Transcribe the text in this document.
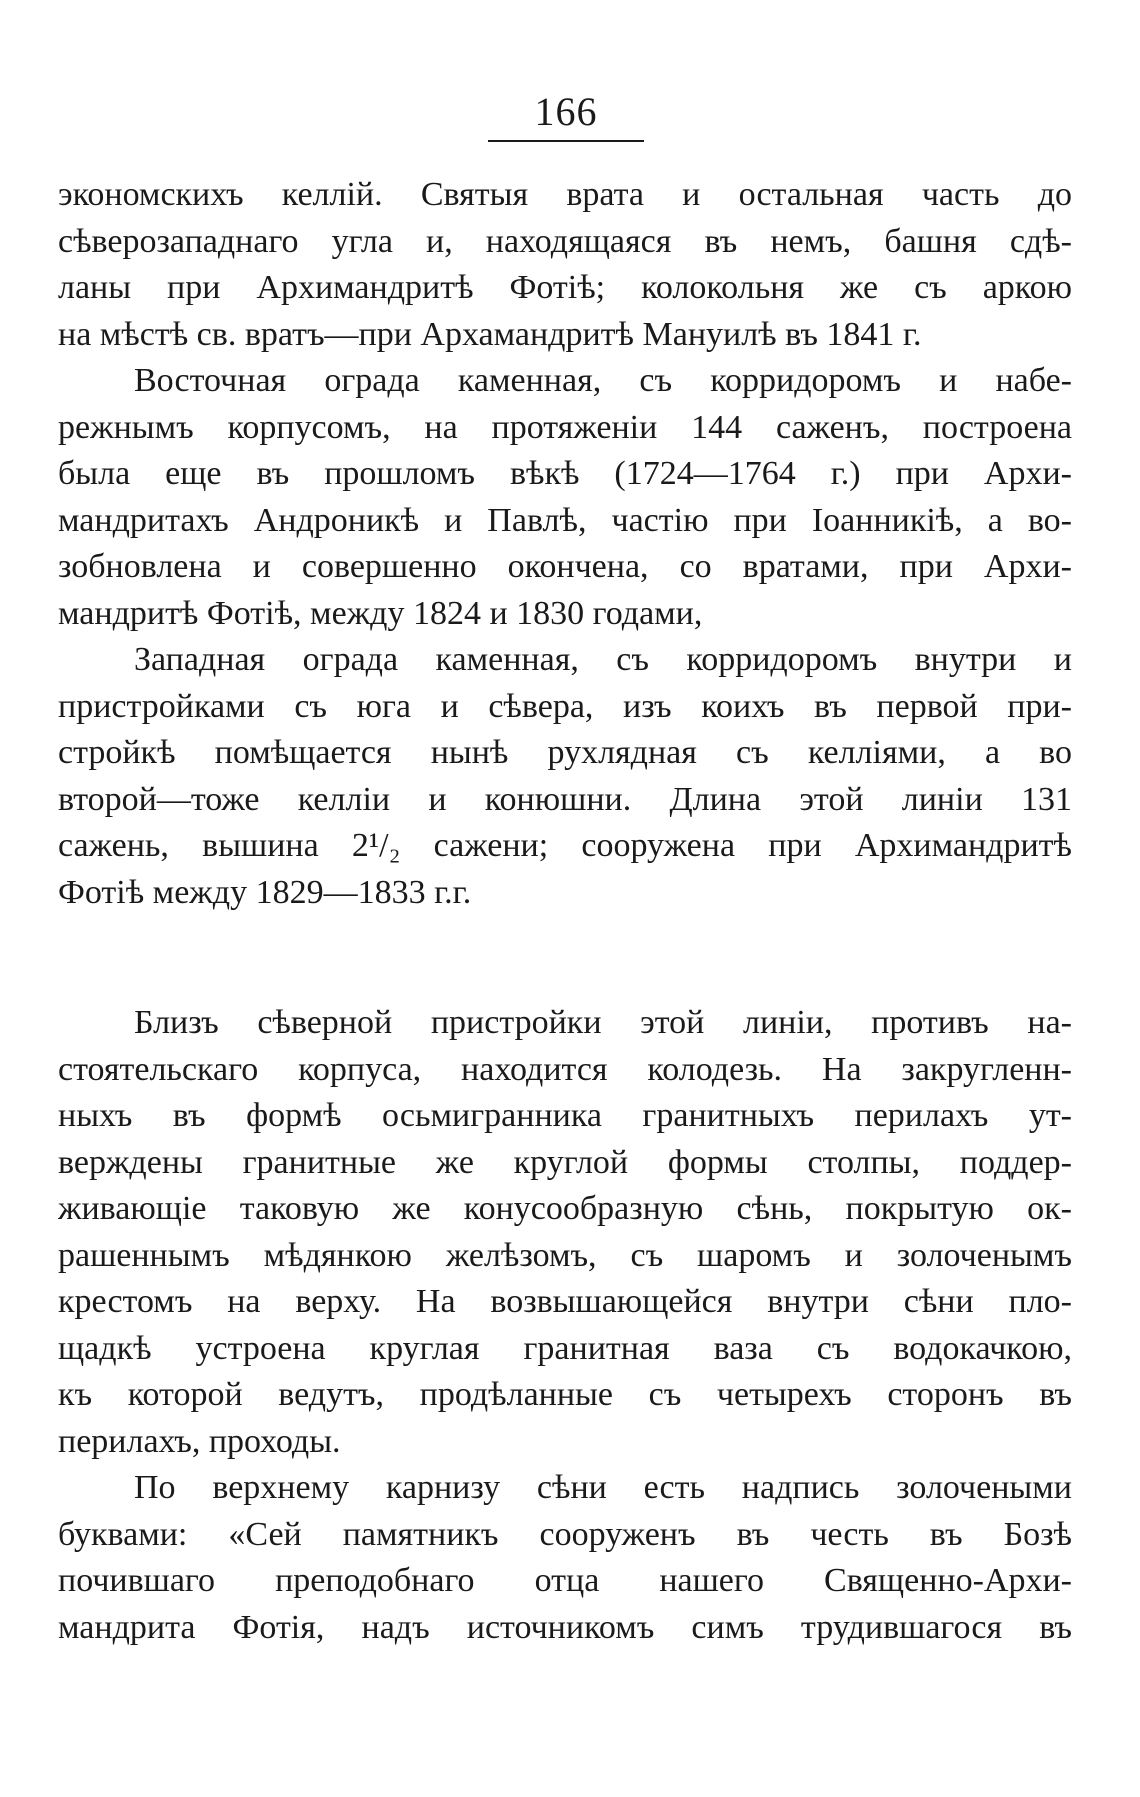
166
экономскихъ келлій. Святыя врата и остальная часть до
сѣверозападнаго угла и, находящаяся въ немъ, башня сдѣ-
ланы при Архимандритѣ Фотіѣ; колокольня же съ аркою
на мѣстѣ св. вратъ—при Архамандритѣ Мануилѣ въ 1841 г.
Восточная ограда каменная, съ корридоромъ и набе-
режнымъ корпусомъ, на протяженіи 144 саженъ, построена
была еще въ прошломъ вѣкѣ (1724—1764 г.) при Архи-
мандритахъ Андроникѣ и Павлѣ, частію при Іоанникіѣ, а во-
зобновлена и совершенно окончена, со вратами, при Архи-
мандритѣ Фотіѣ, между 1824 и 1830 годами,
Западная ограда каменная, съ корридоромъ внутри и
пристройками съ юга и сѣвера, изъ коихъ въ первой при-
стройкѣ помѣщается нынѣ рухлядная съ келліями, а во
второй—тоже келліи и конюшни. Длина этой линіи 131
сажень, вышина 2¹/₂ сажени; сооружена при Архимандритѣ
Фотіѣ между 1829—1833 г.г.
Близъ сѣверной пристройки этой линіи, противъ на-
стоятельскаго корпуса, находится колодезь. На закругленн-
ныхъ въ формѣ осьмигранника гранитныхъ перилахъ ут-
верждены гранитные же круглой формы столпы, поддер-
живающіе таковую же конусообразную сѣнь, покрытую ок-
рашеннымъ мѣдянкою желѣзомъ, съ шаромъ и золоченымъ
крестомъ на верху. На возвышающейся внутри сѣни пло-
щадкѣ устроена круглая гранитная ваза съ водокачкою,
къ которой ведутъ, продѣланные съ четырехъ сторонъ въ
перилахъ, проходы.
По верхнему карнизу сѣни есть надпись золочеными
буквами: «Сей памятникъ сооруженъ въ честь въ Бозѣ
почившаго преподобнаго отца нашего Священно-Архи-
мандрита Фотія, надъ источникомъ симъ трудившагося въ
